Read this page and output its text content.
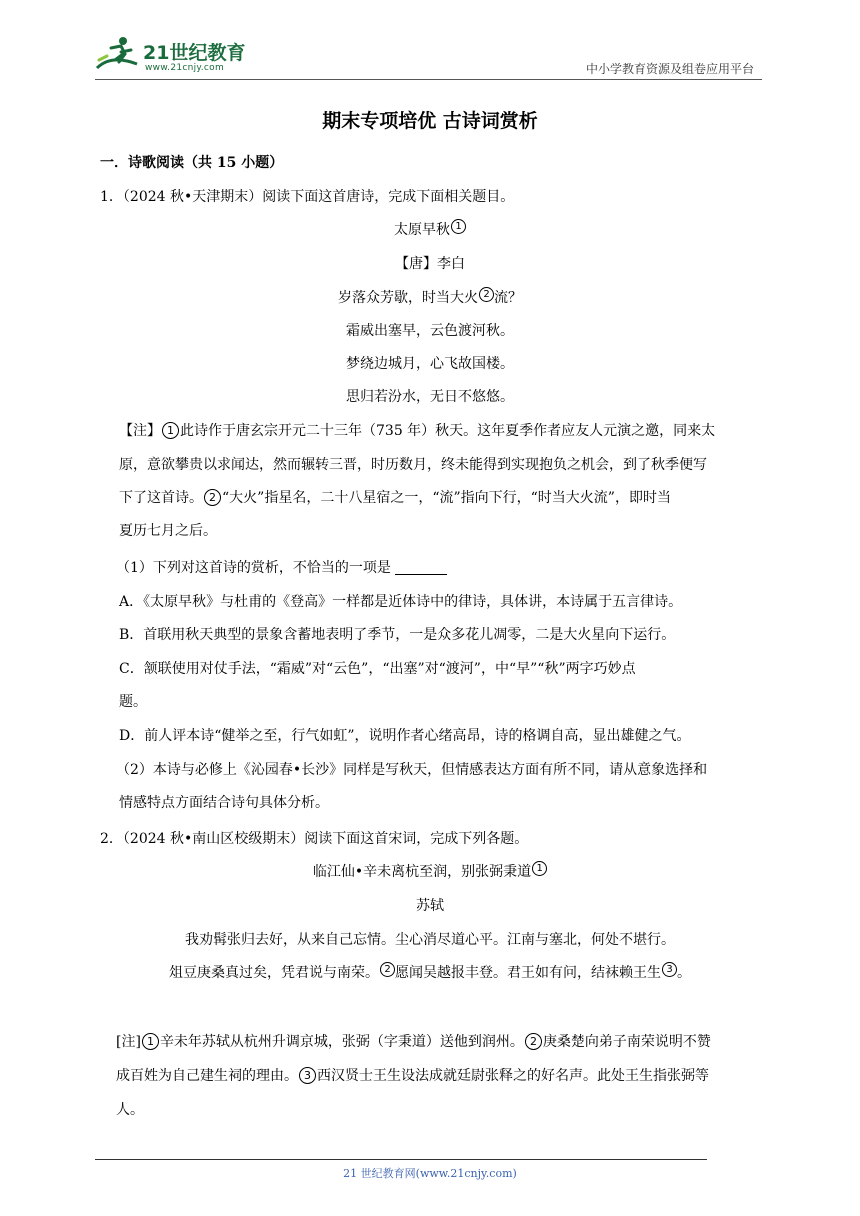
21世纪教育
www.21cnjy.com	中小学教育资源及组卷应用平台
期末专项培优 古诗词赏析
一．诗歌阅读（共 15 小题）
1．（2024 秋•天津期末）阅读下面这首唐诗，完成下面相关题目。
太原早秋 1
【唐】李白
岁落众芳歇，时当大火 2 流？
霜威出塞早，云色渡河秋。
梦绕边城月，心飞故国楼。
思归若汾水，无日不悠悠。
【注】 1 此诗作于唐玄宗开元二十三年（735 年）秋天。这年夏季作者应友人元演之邀，同来太
原，意欲攀贵以求闻达，然而辗转三晋，时历数月，终未能得到实现抱负之机会，到了秋季便写
下了这首诗。 2 “大火”指星名，二十八星宿之一，“流”指向下行，“时当大火流”，即时当
夏历七月之后。
（1）下列对这首诗的赏析，不恰当的一项是
A．《太原早秋》与杜甫的《登高》一样都是近体诗中的律诗，具体讲，本诗属于五言律诗。
B．首联用秋天典型的景象含蓄地表明了季节，一是众多花儿凋零，二是大火星向下运行。
C．颔联使用对仗手法，“霜威”对“云色”，“出塞”对“渡河”，中“早”“秋”两字巧妙点
题。
D．前人评本诗“健举之至，行气如虹”，说明作者心绪高昂，诗的格调自高，显出雄健之气。
（2）本诗与必修上《沁园春•长沙》同样是写秋天，但情感表达方面有所不同，请从意象选择和
情感特点方面结合诗句具体分析。
2．（2024 秋•南山区校级期末）阅读下面这首宋词，完成下列各题。
临江仙•辛未离杭至润，别张弼秉道 1
苏轼
我劝髯张归去好，从来自己忘情。尘心消尽道心平。江南与塞北，何处不堪行。
俎豆庚桑真过矣，凭君说与南荣。 2 愿闻吴越报丰登。君王如有问，结袜赖王生 3 。
[注] 1 辛未年苏轼从杭州升调京城，张弼（字秉道）送他到润州。 2 庚桑楚向弟子南荣说明不赞
成百姓为自己建生祠的理由。 3 西汉贤士王生设法成就廷尉张释之的好名声。此处王生指张弼等
人。
21 世纪教育网(www.21cnjy.com)
